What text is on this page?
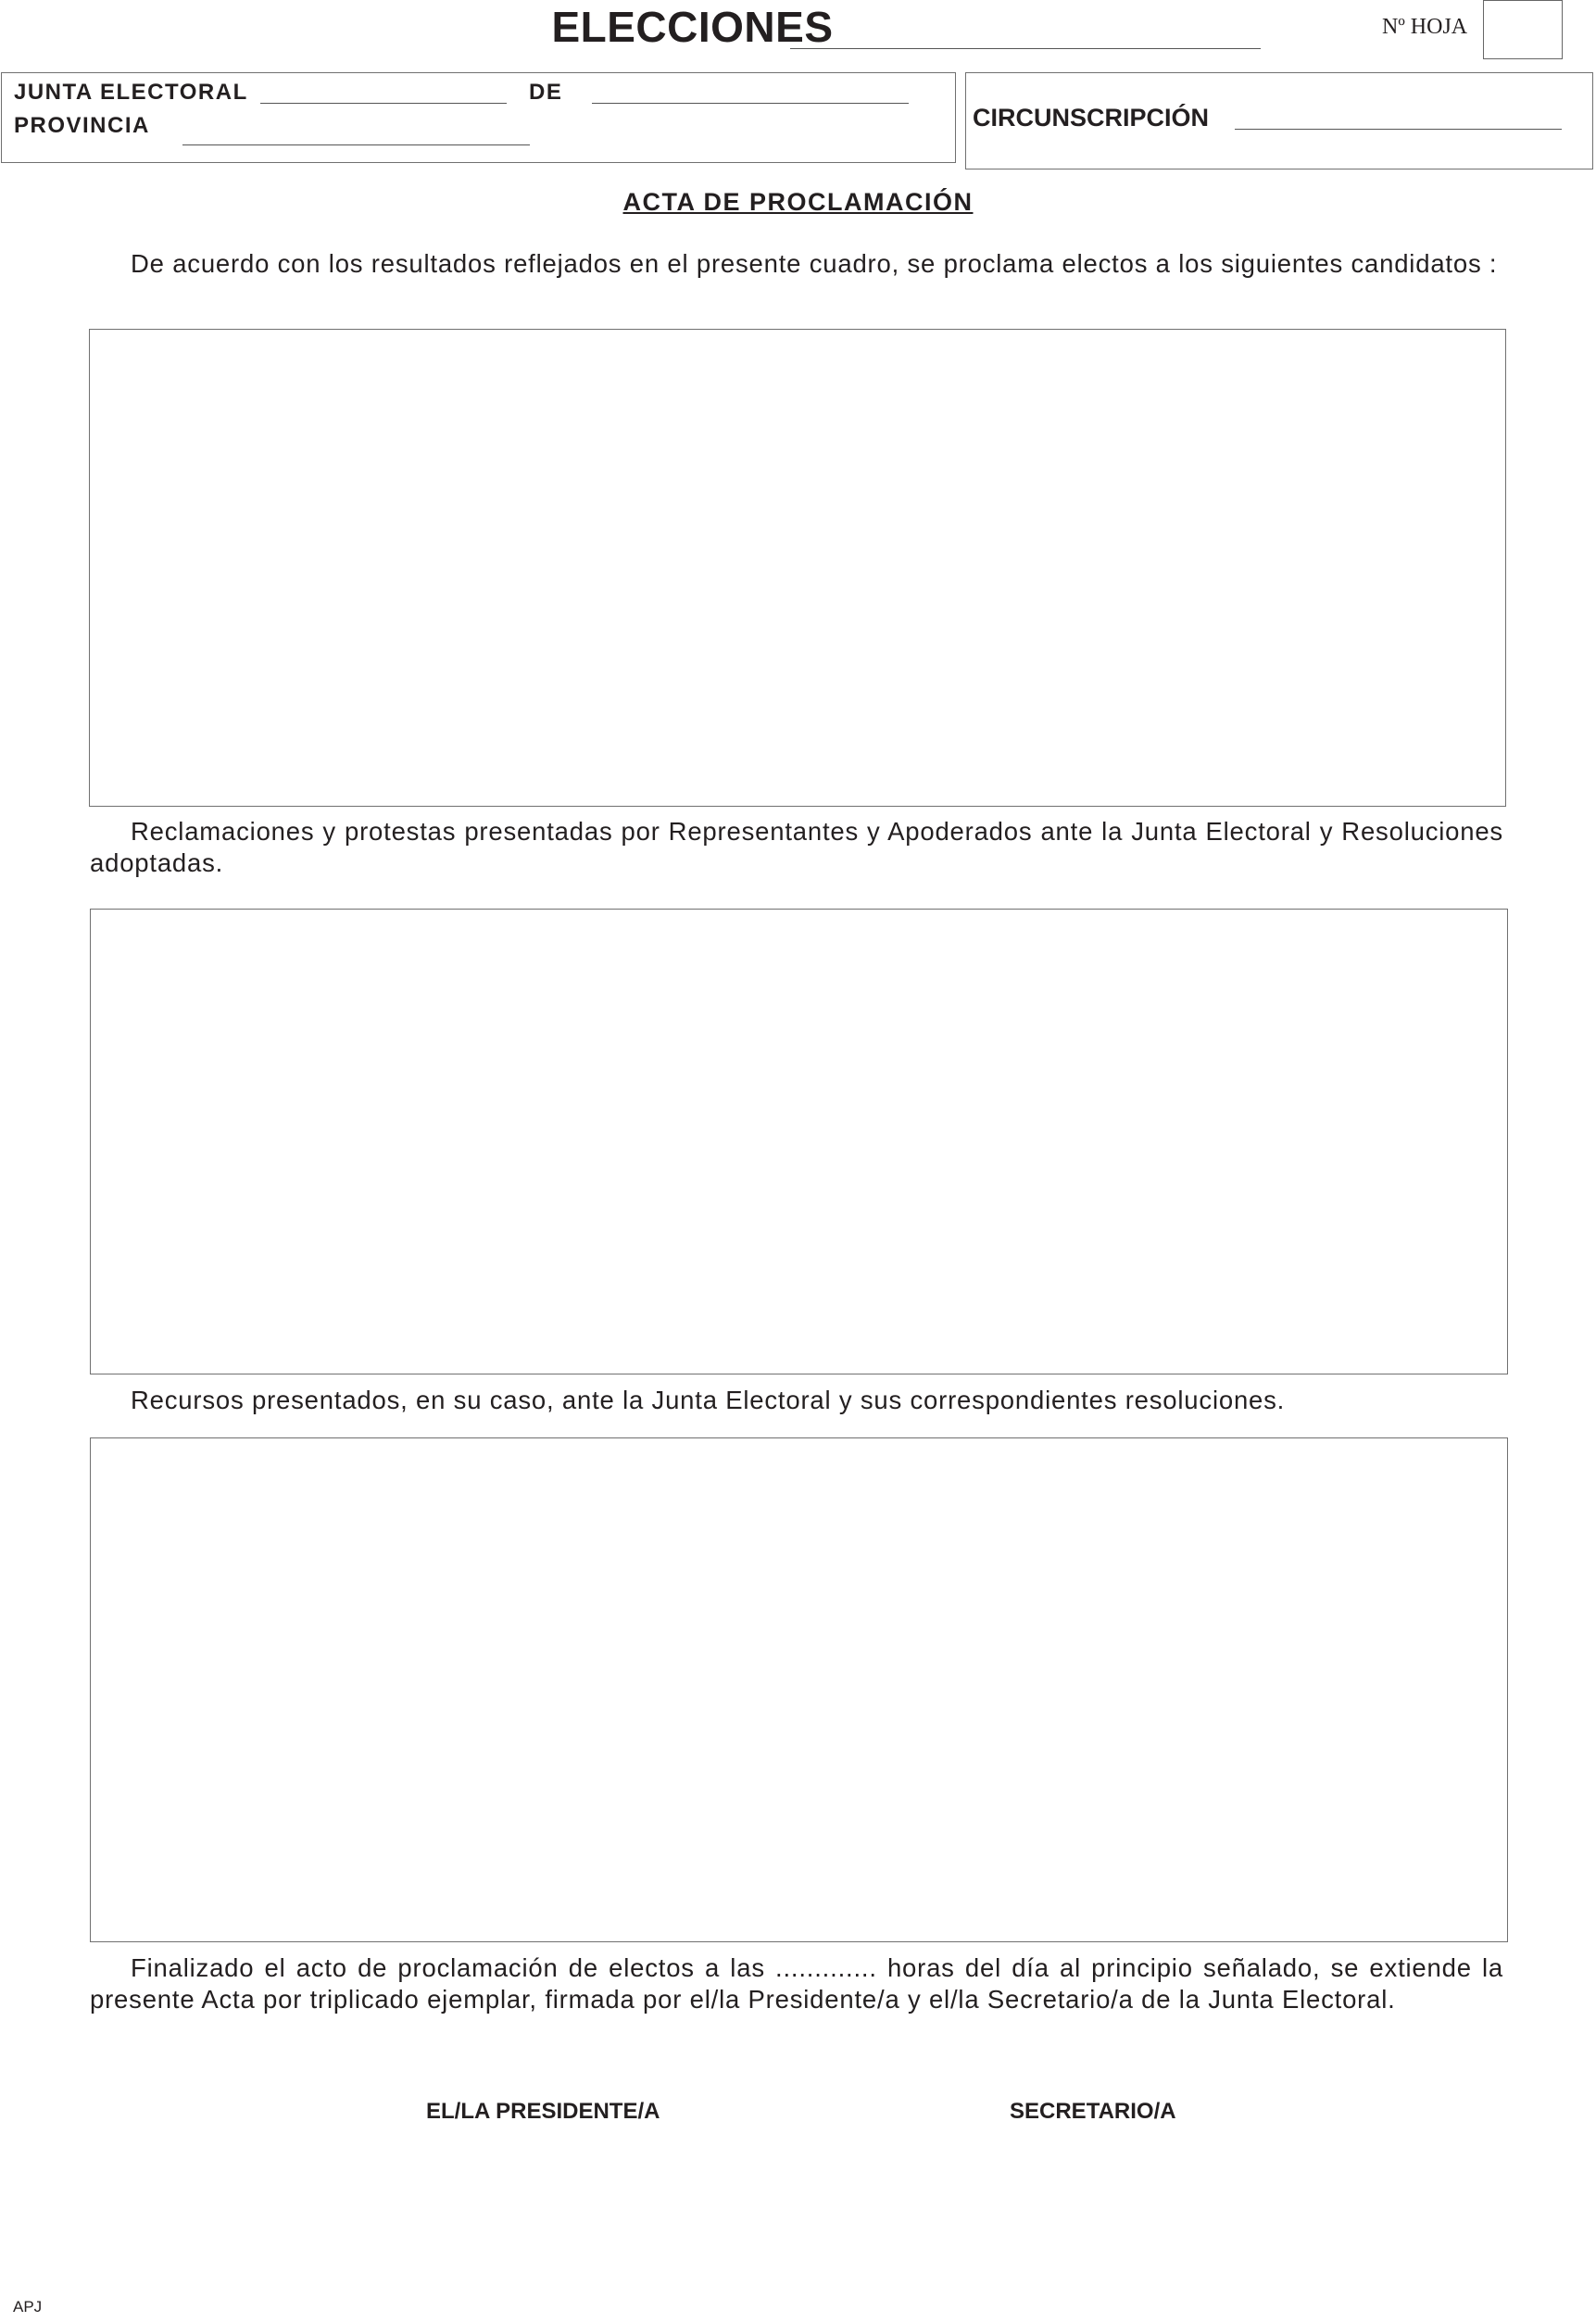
ELECCIONES	Nº HOJA
JUNTA ELECTORAL	DE
PROVINCIA	CIRCUNSCRIPCIÓN
ACTA DE PROCLAMACIÓN
De acuerdo con los resultados reflejados en el presente cuadro, se proclama electos a los siguientes candidatos :
Reclamaciones y protestas presentadas por Representantes y Apoderados ante la Junta Electoral y Resoluciones adoptadas.
Recursos presentados, en su caso, ante la Junta Electoral y sus correspondientes resoluciones.
Finalizado el acto de proclamación de electos a las ............. horas del día al principio señalado, se extiende la presente Acta por triplicado ejemplar, firmada por el/la Presidente/a y el/la Secretario/a de la Junta Electoral.
EL/LA PRESIDENTE/A	SECRETARIO/A
APJ
